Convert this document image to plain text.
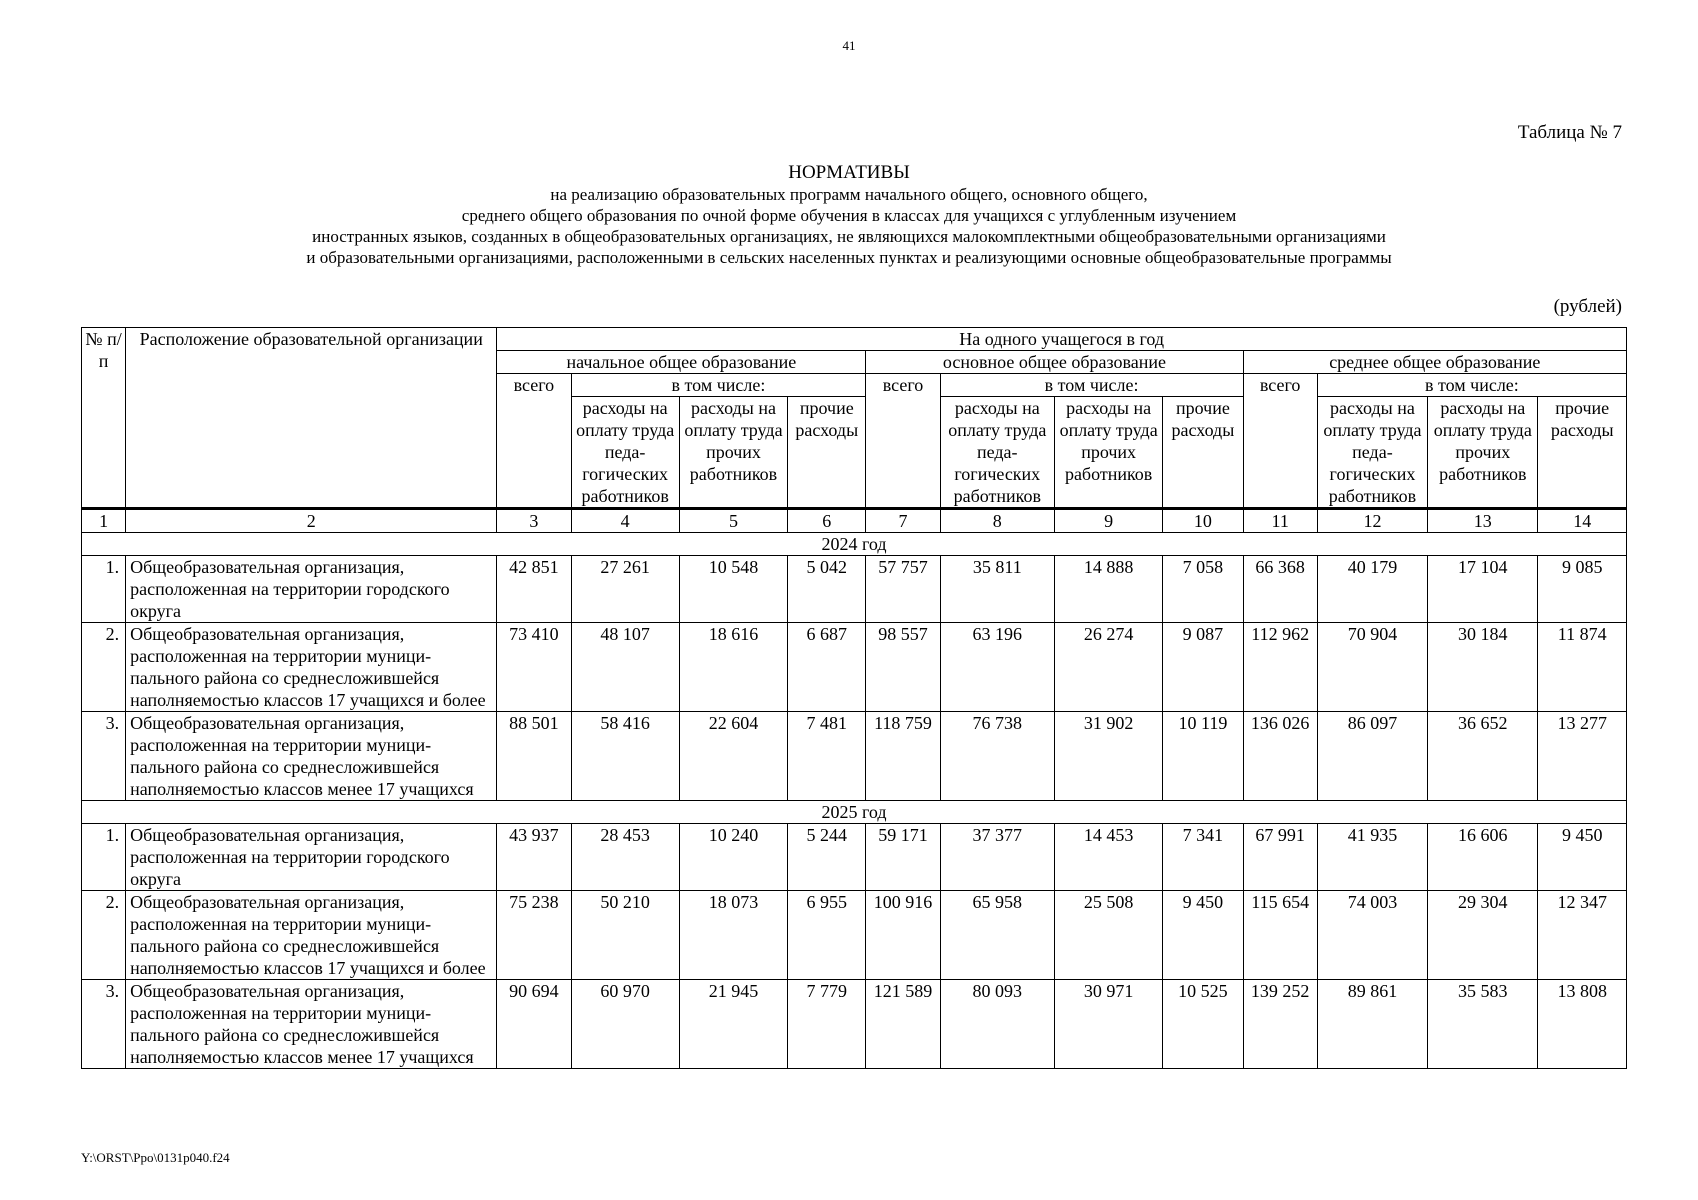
41
Таблица № 7
НОРМАТИВЫ
на реализацию образовательных программ начального общего, основного общего,
среднего общего образования по очной форме обучения в классах для учащихся с углубленным изучением
иностранных языков, созданных в общеобразовательных организациях, не являющихся малокомплектными общеобразовательными организациями
и образовательными организациями, расположенными в сельских населенных пунктах и реализующими основные общеобразовательные программы
(рублей)
№ п/п	Расположение образовательной организации	На одного учащегося в год											
		начальное общее образование				основное общее образование				среднее общее образование			
		всего	в том числе:			всего	в том числе:			всего	в том числе:		
			расходы на оплату труда педа-гогических работников	расходы на оплату труда прочих работников	прочие расходы		расходы на оплату труда педа-гогических работников	расходы на оплату труда прочих работников	прочие расходы		расходы на оплату труда педа-гогических работников	расходы на оплату труда прочих работников	прочие расходы
1	2	3	4	5	6	7	8	9	10	11	12	13	14
2024 год													
1.	Общеобразовательная организация, расположенная на территории городского округа	42 851	27 261	10 548	5 042	57 757	35 811	14 888	7 058	66 368	40 179	17 104	9 085
2.	Общеобразовательная организация, расположенная на территории муници-пального района со среднесложившейся наполняемостью классов 17 учащихся и более	73 410	48 107	18 616	6 687	98 557	63 196	26 274	9 087	112 962	70 904	30 184	11 874
3.	Общеобразовательная организация, расположенная на территории муници-пального района со среднесложившейся наполняемостью классов менее 17 учащихся	88 501	58 416	22 604	7 481	118 759	76 738	31 902	10 119	136 026	86 097	36 652	13 277
2025 год													
1.	Общеобразовательная организация, расположенная на территории городского округа	43 937	28 453	10 240	5 244	59 171	37 377	14 453	7 341	67 991	41 935	16 606	9 450
2.	Общеобразовательная организация, расположенная на территории муници-пального района со среднесложившейся наполняемостью классов 17 учащихся и более	75 238	50 210	18 073	6 955	100 916	65 958	25 508	9 450	115 654	74 003	29 304	12 347
3.	Общеобразовательная организация, расположенная на территории муници-пального района со среднесложившейся наполняемостью классов менее 17 учащихся	90 694	60 970	21 945	7 779	121 589	80 093	30 971	10 525	139 252	89 861	35 583	13 808
Y:\ORST\Ppo\0131p040.f24
